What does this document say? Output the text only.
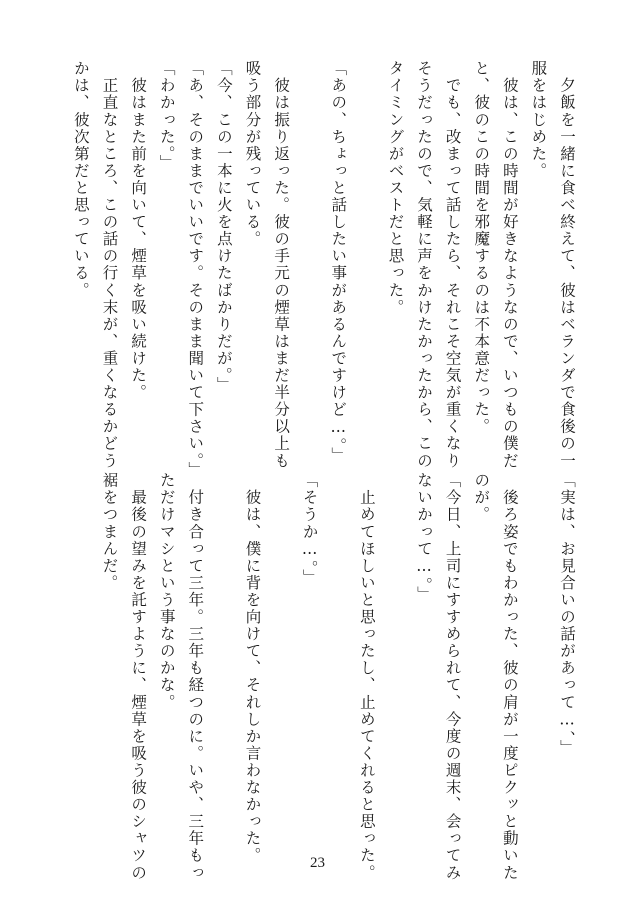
　夕飯を一緒に食べ終えて、彼はベランダで食後の一
服をはじめた。
　彼は、この時間が好きなようなので、いつもの僕だ
と、彼のこの時間を邪魔するのは不本意だった。
　でも、改まって話したら、それこそ空気が重くなり
そうだったので、気軽に声をかけたかったから、この
タイミングがベストだと思った。

「あの、ちょっと話したい事があるんですけど…。」

　彼は振り返った。彼の手元の煙草はまだ半分以上も
吸う部分が残っている。
「今、この一本に火を点けたばかりだが。」
「あ、そのままでいいです。そのまま聞いて下さい。」
「わかった。」
　彼はまた前を向いて、煙草を吸い続けた。
　正直なところ、この話の行く末が、重くなるかどう
かは、彼次第だと思っている。
「実は、お見合いの話があって…、」

　後ろ姿でもわかった、彼の肩が一度ピクッと動いた
のが。
「今日、上司にすすめられて、今度の週末、会ってみ
ないかって…。」

　止めてほしいと思ったし、止めてくれると思った。

「そうか…。」

　彼は、僕に背を向けて、それしか言わなかった。

　付き合って三年。三年も経つのに。いや、三年もっ
ただけマシという事なのかな。
　最後の望みを託すように、煙草を吸う彼のシャツの
裾をつまんだ。
23
